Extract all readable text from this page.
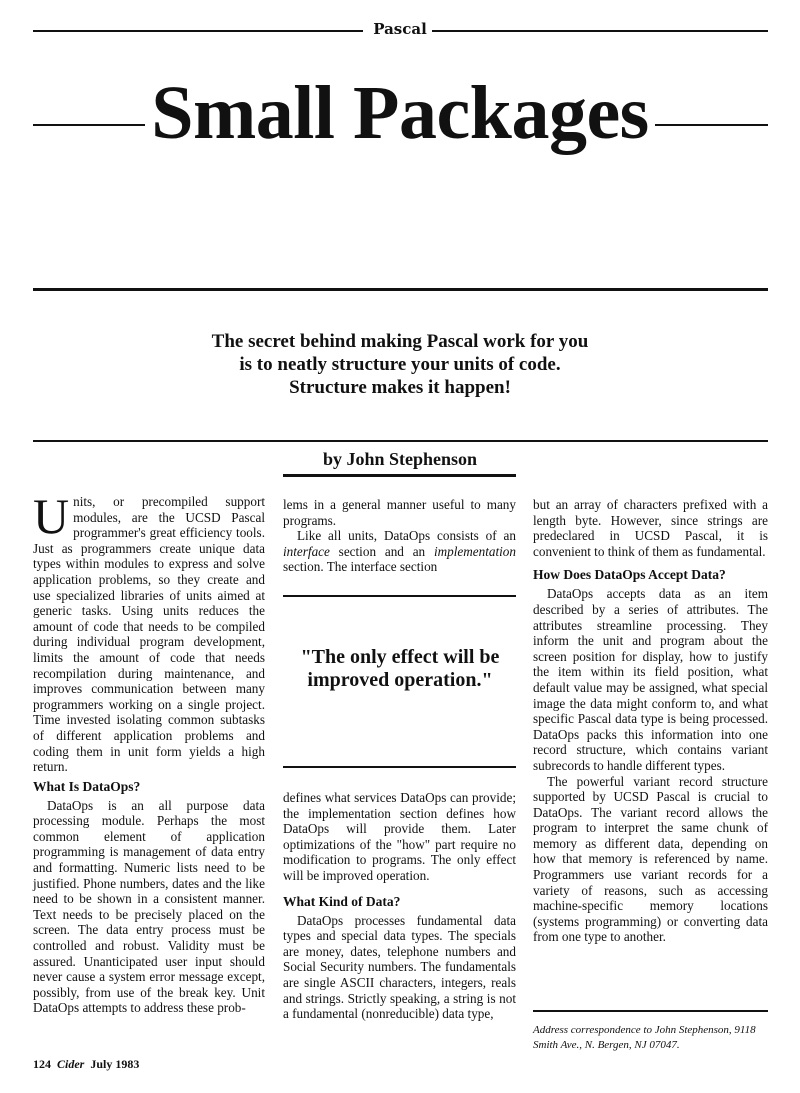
Pascal
Small Packages
The secret behind making Pascal work for you
is to neatly structure your units of code.
Structure makes it happen!
by John Stephenson

Units, or precompiled support modules, are the UCSD Pascal programmer's great efficiency tools. Just as programmers create unique data types within modules to express and solve application problems, so they create and use specialized libraries of units aimed at generic tasks. Using units reduces the amount of code that needs to be compiled during individual program development, limits the amount of code that needs recompilation during maintenance, and improves communication between many programmers working on a single project. Time invested isolating common subtasks of different application problems and coding them in unit form yields a high return.

What Is DataOps?

DataOps is an all purpose data processing module. Perhaps the most common element of application programming is management of data entry and formatting. Numeric lists need to be justified. Phone numbers, dates and the like need to be shown in a consistent manner. Text needs to be precisely placed on the screen. The data entry process must be controlled and robust. Validity must be assured. Unanticipated user input should never cause a system error message except, possibly, from use of the break key. Unit DataOps attempts to address these prob-

lems in a general manner useful to many programs.

Like all units, DataOps consists of an interface section and an implementation section. The interface section

"The only effect will be improved operation."

defines what services DataOps can provide; the implementation section defines how DataOps will provide them. Later optimizations of the "how" part require no modification to programs. The only effect will be improved operation.

What Kind of Data?

DataOps processes fundamental data types and special data types. The specials are money, dates, telephone numbers and Social Security numbers. The fundamentals are single ASCII characters, integers, reals and strings. Strictly speaking, a string is not a fundamental (nonreducible) data type,

but an array of characters prefixed with a length byte. However, since strings are predeclared in UCSD Pascal, it is convenient to think of them as fundamental.

How Does DataOps Accept Data?

DataOps accepts data as an item described by a series of attributes. The attributes streamline processing. They inform the unit and program about the screen position for display, how to justify the item within its field position, what default value may be assigned, what special image the data might conform to, and what specific Pascal data type is being processed. DataOps packs this information into one record structure, which contains variant subrecords to handle different types.

The powerful variant record structure supported by UCSD Pascal is crucial to DataOps. The variant record allows the program to interpret the same chunk of memory as different data, depending on how that memory is referenced by name. Programmers use variant records for a variety of reasons, such as accessing machine-specific memory locations (systems programming) or converting data from one type to another.

Address correspondence to John Stephenson, 9118 Smith Ave., N. Bergen, NJ 07047.
124 Cider July 1983
